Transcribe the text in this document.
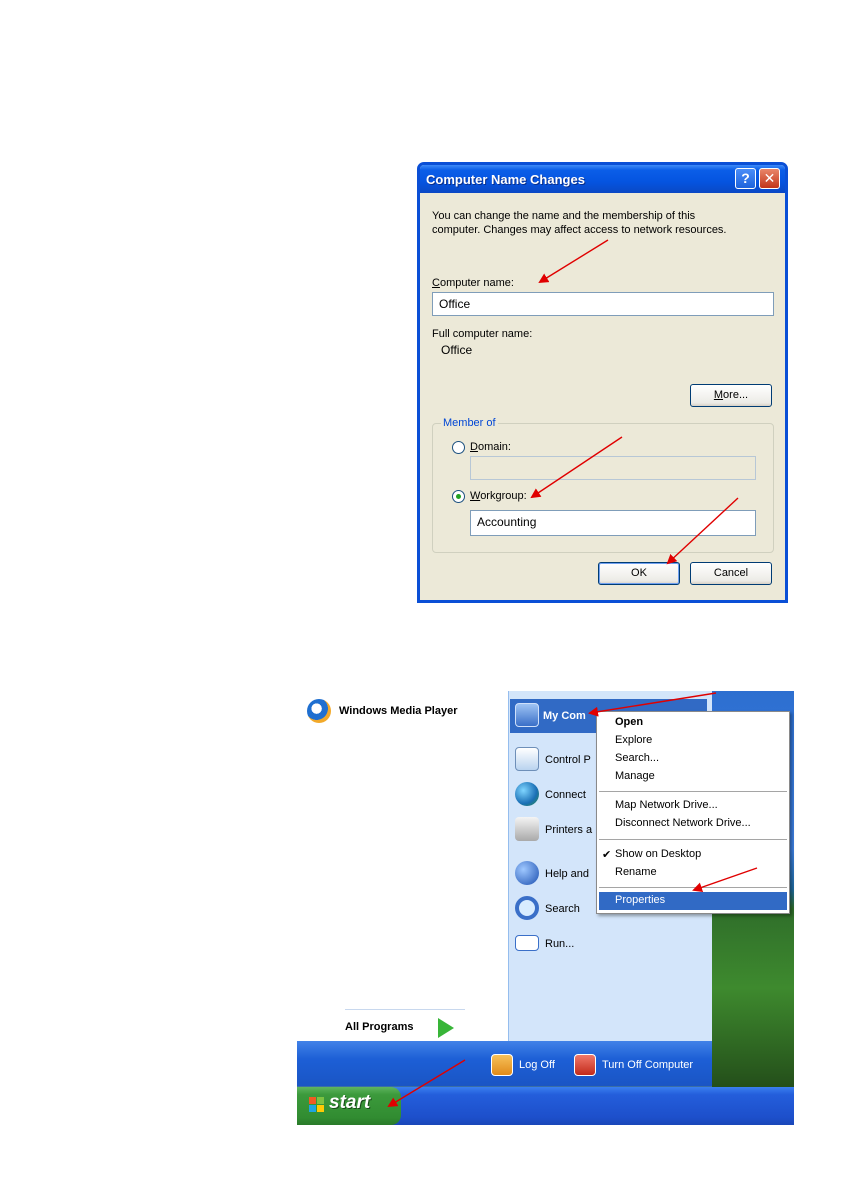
Computer Name Changes	? ✕
You can change the name and the membership of this
computer. Changes may affect access to network resources.
Computer name:
Office
Full computer name:
Office
More...
Member of
Domain:
Workgroup:
Accounting
OK	Cancel
Windows Media Player
All Programs
My Com
Control P
Connect
Printers a
Help and
Search
Run...
Log Off	Turn Off Computer
start
Open
Explore
Search...
Manage
Map Network Drive...
Disconnect Network Drive...
✔ Show on Desktop
Rename
Properties
